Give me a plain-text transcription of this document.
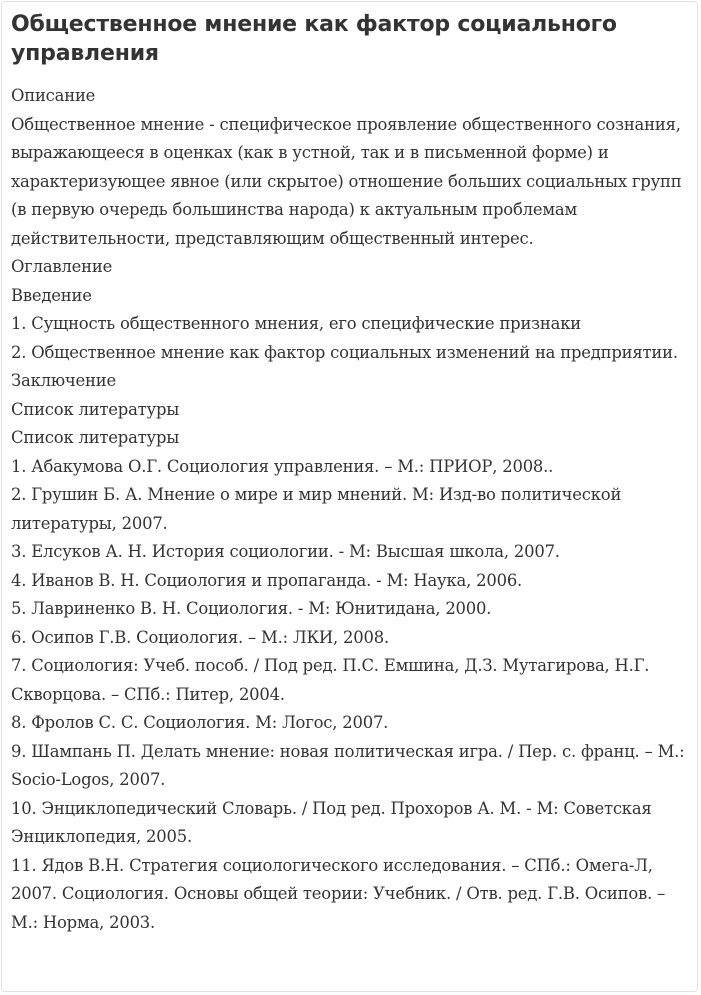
Общественное мнение как фактор социального управления

Описание

Общественное мнение - специфическое проявление общественного сознания, выражающееся в оценках (как в устной, так и в письменной форме) и характеризующее явное (или скрытое) отношение больших социальных групп (в первую очередь большинства народа) к актуальным проблемам действительности, представляющим общественный интерес.

Оглавление

Введение

1. Сущность общественного мнения, его специфические признаки

2. Общественное мнение как фактор социальных изменений на предприятии.

Заключение

Список литературы

Список литературы

1. Абакумова О.Г. Социология управления. – М.: ПРИОР, 2008..

2. Грушин Б. А. Мнение о мире и мир мнений. М: Изд-во политической литературы, 2007.

3. Елсуков А. Н. История социологии. - М: Высшая школа, 2007.

4. Иванов В. Н. Социология и пропаганда. - М: Наука, 2006.

5. Лавриненко В. Н. Социология. - М: Юнитидана, 2000.

6. Осипов Г.В. Социология. – М.: ЛКИ, 2008.

7. Социология: Учеб. пособ. / Под ред. П.С. Емшина, Д.З. Мутагирова, Н.Г. Скворцова. – СПб.: Питер, 2004.

8. Фролов С. С. Социология. М: Логос, 2007.

9. Шампань П. Делать мнение: новая политическая игра. / Пер. с. франц. – М.: Socio-Logos, 2007.

10. Энциклопедический Словарь. / Под ред. Прохоров А. М. - М: Советская Энциклопедия, 2005.

11. Ядов В.Н. Стратегия социологического исследования. – СПб.: Омега-Л, 2007. Социология. Основы общей теории: Учебник. / Отв. ред. Г.В. Осипов. – М.: Норма, 2003.
